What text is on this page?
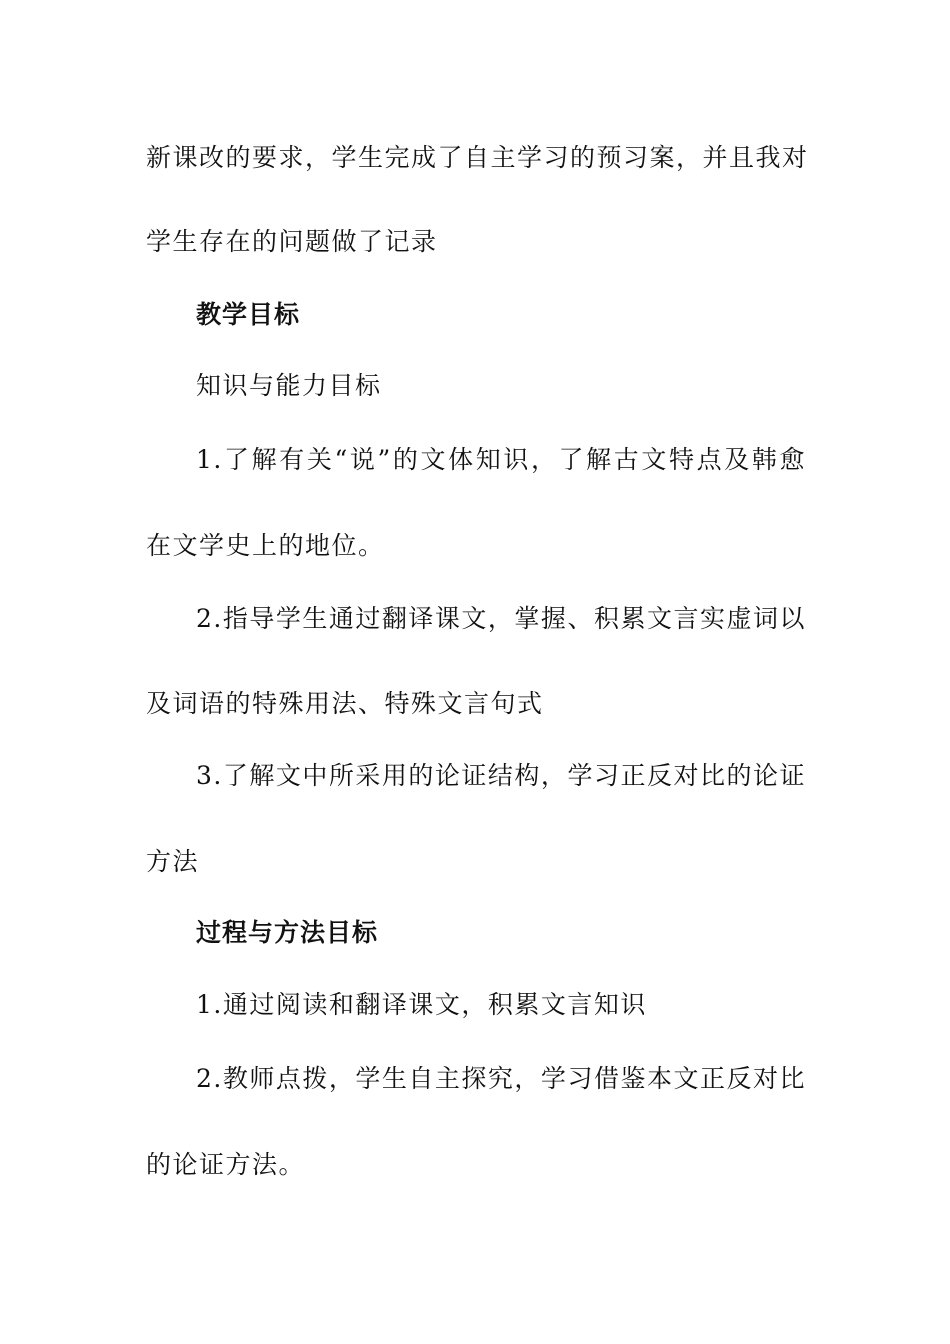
新课改的要求，学生完成了自主学习的预习案，并且我对
学生存在的问题做了记录
教学目标
知识与能力目标
1.了解有关“说”的文体知识，了解古文特点及韩愈
在文学史上的地位。
2.指导学生通过翻译课文，掌握、积累文言实虚词以
及词语的特殊用法、特殊文言句式
3.了解文中所采用的论证结构，学习正反对比的论证
方法
过程与方法目标
1.通过阅读和翻译课文，积累文言知识
2.教师点拨，学生自主探究，学习借鉴本文正反对比
的论证方法。
